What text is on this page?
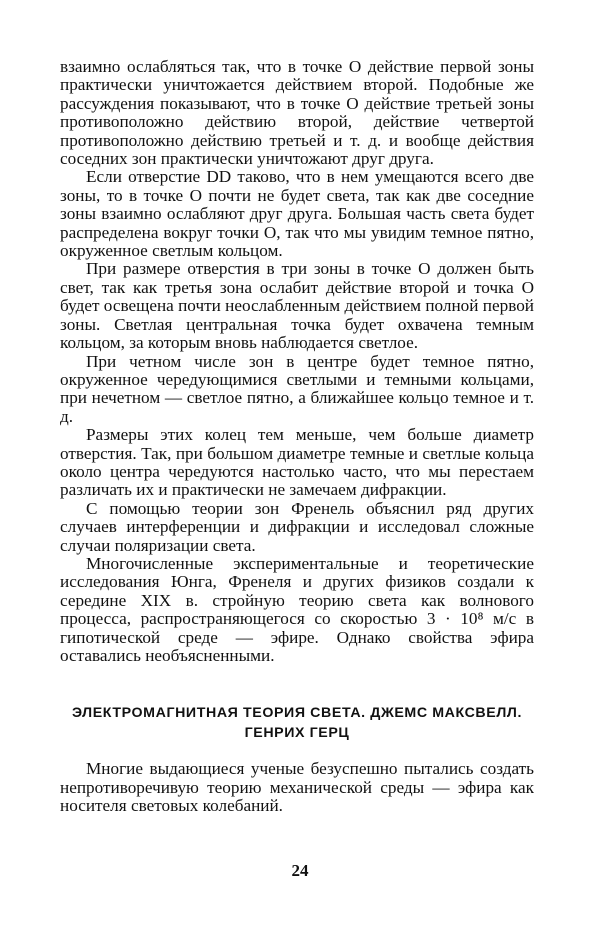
взаимно ослабляться так, что в точке O действие первой зоны практически уничтожается действием второй. Подобные же рассуждения показывают, что в точке O действие третьей зоны противоположно действию второй, действие четвертой противоположно действию третьей и т. д. и вообще действия соседних зон практически уничтожают друг друга.

Если отверстие DD таково, что в нем умещаются всего две зоны, то в точке O почти не будет света, так как две соседние зоны взаимно ослабляют друг друга. Большая часть света будет распределена вокруг точки O, так что мы увидим темное пятно, окруженное светлым кольцом.

При размере отверстия в три зоны в точке O должен быть свет, так как третья зона ослабит действие второй и точка O будет освещена почти неослабленным действием полной первой зоны. Светлая центральная точка будет охвачена темным кольцом, за которым вновь наблюдается светлое.

При четном числе зон в центре будет темное пятно, окруженное чередующимися светлыми и темными кольцами, при нечетном — светлое пятно, а ближайшее кольцо темное и т. д.

Размеры этих колец тем меньше, чем больше диаметр отверстия. Так, при большом диаметре темные и светлые кольца около центра чередуются настолько часто, что мы перестаем различать их и практически не замечаем дифракции.

С помощью теории зон Френель объяснил ряд других случаев интерференции и дифракции и исследовал сложные случаи поляризации света.

Многочисленные экспериментальные и теоретические исследования Юнга, Френеля и других физиков создали к середине XIX в. стройную теорию света как волнового процесса, распространяющегося со скоростью 3 · 10⁸ м/с в гипотической среде — эфире. Однако свойства эфира оставались необъясненными.

ЭЛЕКТРОМАГНИТНАЯ ТЕОРИЯ СВЕТА. ДЖЕМС МАКСВЕЛЛ.
ГЕНРИХ ГЕРЦ

Многие выдающиеся ученые безуспешно пытались создать непротиворечивую теорию механической среды — эфира как носителя световых колебаний.

24
